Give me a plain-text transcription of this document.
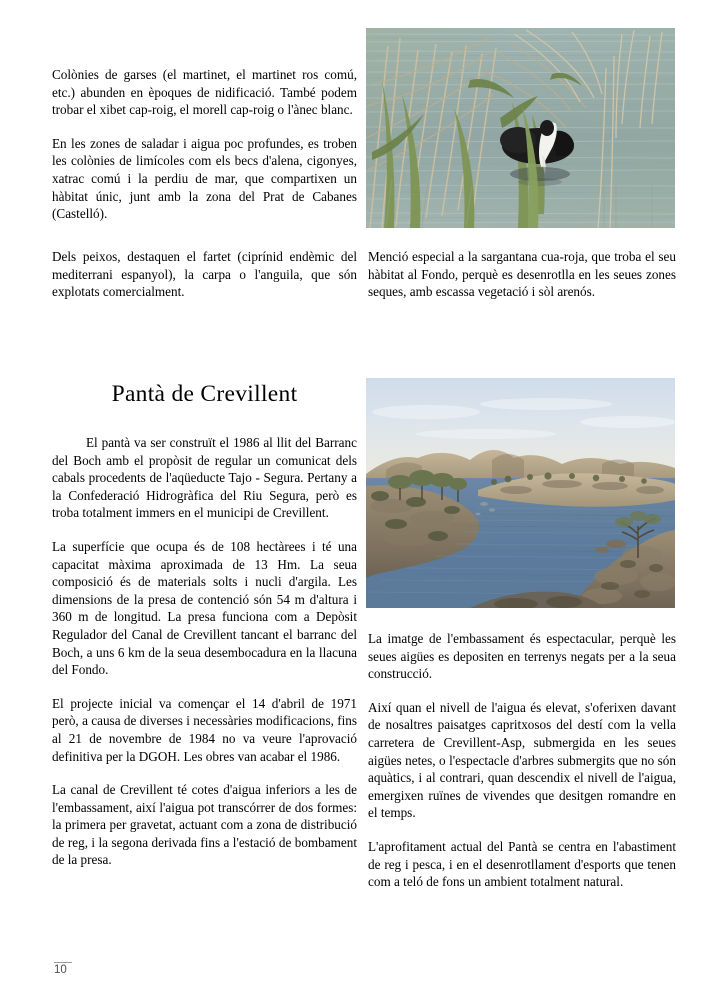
Colònies de garses (el martinet, el martinet ros comú, etc.) abunden en èpoques de nidificació. També podem trobar el xibet cap-roig, el morell cap-roig o l'ànec blanc.

En les zones de saladar i aigua poc profundes, es troben les colònies de limícoles com els becs d'alena, cigonyes, xatrac comú i la perdiu de mar, que compartixen un hàbitat únic, junt amb la zona del Prat de Cabanes (Castelló).

Dels peixos, destaquen el fartet (ciprínid endèmic del mediterrani espanyol), la carpa o l'anguila, que són explotats comercialment.

Menció especial a la sargantana cua-roja, que troba el seu hàbitat al Fondo, perquè es desenrotlla en les seues zones seques, amb escassa vegetació i sòl arenós.

Pantà de Crevillent

El pantà va ser construït el 1986 al llit del Barranc del Boch amb el propòsit de regular un comunicat dels cabals procedents de l'aqüeducte Tajo - Segura. Pertany a la Confederació Hidrogràfica del Riu Segura, però es troba totalment immers en el municipi de Crevillent.

La superfície que ocupa és de 108 hectàrees i té una capacitat màxima aproximada de 13 Hm. La seua composició és de materials solts i nucli d'argila. Les dimensions de la presa de contenció són 54 m d'altura i 360 m de longitud. La presa funciona com a Depòsit Regulador del Canal de Crevillent tancant el barranc del Boch, a uns 6 km de la seua desembocadura en la llacuna del Fondo.

El projecte inicial va començar el 14 d'abril de 1971 però, a causa de diverses i necessàries modificacions, fins al 21 de novembre de 1984 no va veure l'aprovació definitiva per la DGOH. Les obres van acabar el 1986.

La canal de Crevillent té cotes d'aigua inferiors a les de l'embassament, així l'aigua pot transcórrer de dos formes: la primera per gravetat, actuant com a zona de distribució de reg, i la segona derivada fins a l'estació de bombament de la presa.

La imatge de l'embassament és espectacular, perquè les seues aigües es depositen en terrenys negats per a la seua construcció.

Així quan el nivell de l'aigua és elevat, s'oferixen davant de nosaltres paisatges capritxosos del destí com la vella carretera de Crevillent-Asp, submergida en les seues aigües netes, o l'espectacle d'arbres submergits que no són aquàtics, i al contrari, quan descendix el nivell de l'aigua, emergixen ruïnes de vivendes que desitgen romandre en el temps.

L'aprofitament actual del Pantà se centra en l'abastiment de reg i pesca, i en el desenrotllament d'esports que tenen com a teló de fons un ambient totalment natural.

10
